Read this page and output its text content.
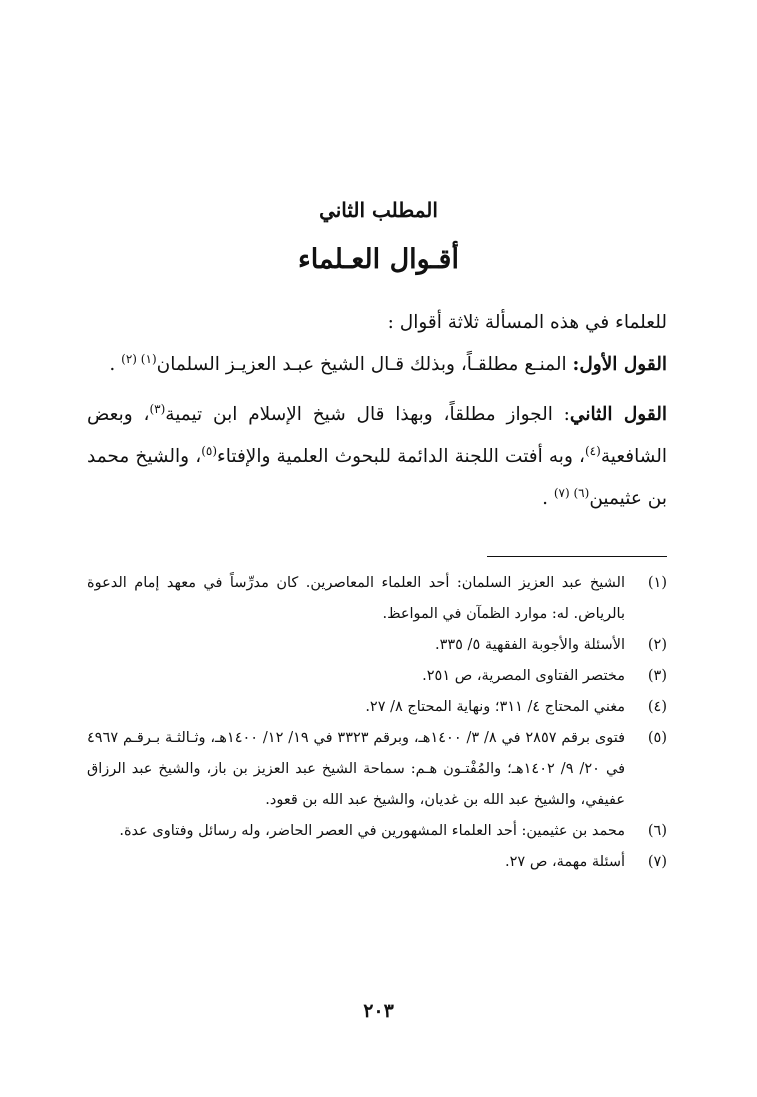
المطلب الثاني
أقـوال العـلماء

للعلماء في هذه المسألة ثلاثة أقوال :

القول الأول: المنـع مطلقـاً، وبذلك قـال الشيخ عبـد العزيـز السلمان$^{(١) (٢)}$ .

القول الثاني: الجواز مطلقاً، وبهذا قال شيخ الإسلام ابن تيمية$^{(٣)}$، وبعض الشافعية$^{(٤)}$، وبه أفتت اللجنة الدائمة للبحوث العلمية والإفتاء$^{(٥)}$، والشيخ محمد بن عثيمين$^{(٦) (٧)}$ .

(١)
الشيخ عبد العزيز السلمان: أحد العلماء المعاصرين. كان مدرِّساً في معهد إمام الدعوة بالرياض. له: موارد الظمآن في المواعظ.
(٢)
الأسئلة والأجوبة الفقهية ٥/ ٣٣٥.
(٣)
مختصر الفتاوى المصرية، ص ٢٥١.
(٤)
مغني المحتاج ٤/ ٣١١؛ ونهاية المحتاج ٨/ ٢٧.
(٥)
فتوى برقم ٢٨٥٧ في ٨/ ٣/ ١٤٠٠هـ، وبرقم ٣٣٢٣ في ١٩/ ١٢/ ١٤٠٠هـ، وثـالثـة بـرقـم ٤٩٦٧ في ٢٠/ ٩/ ١٤٠٢هـ؛ والمُفْتـون هـم: سماحة الشيخ عبد العزيز بن باز، والشيخ عبد الرزاق عفيفي، والشيخ عبد الله بن غديان، والشيخ عبد الله بن قعود.
(٦)
محمد بن عثيمين: أحد العلماء المشهورين في العصر الحاضر، وله رسائل وفتاوى عدة.
(٧)
أسئلة مهمة، ص ٢٧.
٢٠٣
